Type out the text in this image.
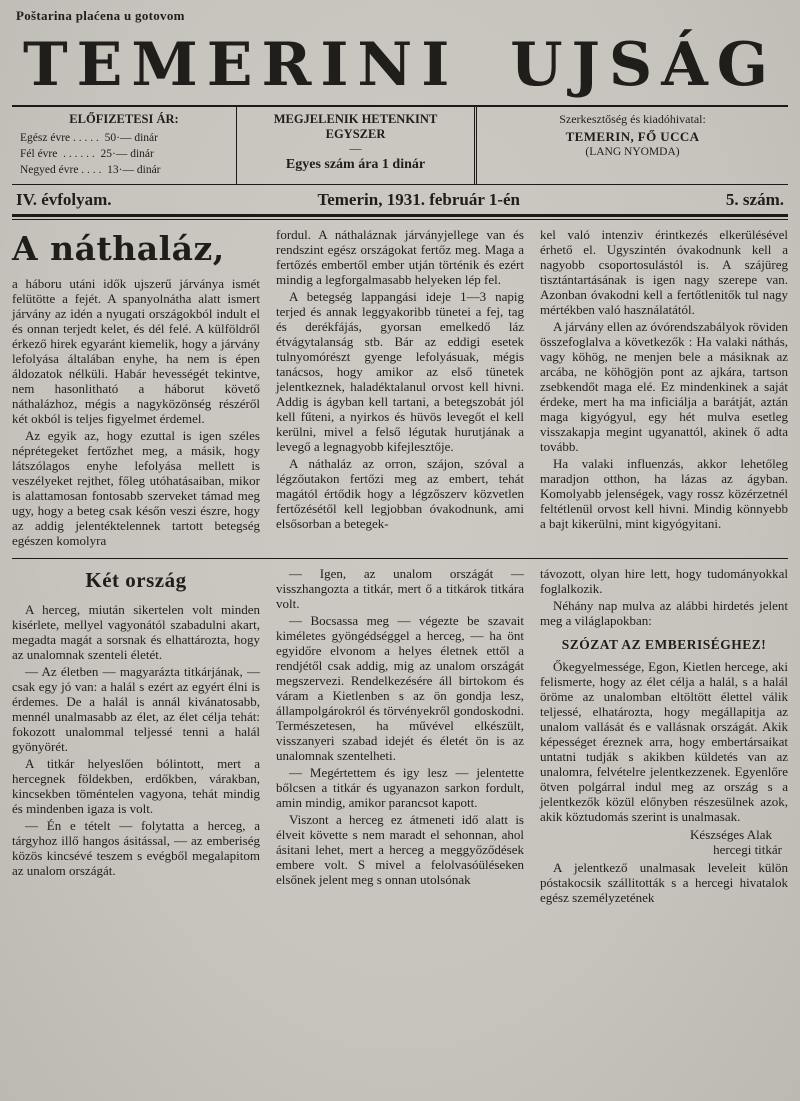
Poštarina plaćena u gotovom
TEMERINI UJSÁG
ELŐFIZETESI ÁR:
Egész évre . . . . .  50·— dinár
Fél évre  . . . . . .  25·— dinár
Negyed évre . . . .  13·— dinár
MEGJELENIK HETENKINT EGYSZER
—
Egyes szám ára 1 dinár
Szerkesztőség és kiadóhivatal:
TEMERIN, FŐ UCCA
(LANG NYOMDA)
IV. évfolyam.	Temerin, 1931. február 1-én	5. szám.
A náthaláz,

a háboru utáni idők ujszerű járványa ismét felütötte a fejét. A spanyolnátha alatt ismert járvány az idén a nyugati országokból indult el és onnan terjedt kelet, és dél felé. A külföldről érkező hirek egyaránt kiemelik, hogy a járvány lefolyása általában enyhe, ha nem is épen áldozatok nélküli. Habár hevességét tekintve, nem hasonlitható a háborut követő náthalázhoz, mégis a nagyközönség részéről két okból is teljes figyelmet érdemel.

Az egyik az, hogy ezuttal is igen széles néprétegeket fertőzhet meg, a másik, hogy látszólagos enyhe lefolyása mellett is veszélyeket rejthet, főleg utóhatásaiban, mikor is alattamosan fontosabb szerveket támad meg ugy, hogy a beteg csak későn veszi észre, hogy az addig jelentéktelennek tartott betegség egészen komolyra

fordul. A náthaláznak járványjellege van és rendszint egész országokat fertőz meg. Maga a fertőzés embertől ember utján történik és ezért mindig a legforgalmasabb helyeken lép fel.

A betegség lappangási ideje 1—3 napig terjed és annak leggyakoribb tünetei a fej, tag és derékfájás, gyorsan emelkedő láz étvágytalanság stb. Bár az eddigi esetek tulnyomórészt gyenge lefolyásuak, mégis tanácsos, hogy amikor az első tünetek jelentkeznek, haladéktalanul orvost kell hivni. Addig is ágyban kell tartani, a betegszobát jól kell fűteni, a nyirkos és hüvös levegőt el kell kerülni, mivel a felső légutak hurutjának a levegő a legnagyobb kifejlesztője.

A náthaláz az orron, szájon, szóval a légzőutakon fertőzi meg az embert, tehát magától értődik hogy a légzőszerv közvetlen fertőzésétől kell legjobban óvakodnunk, ami elsősorban a betegek-

kel való intenziv érintkezés elkerülésével érhető el. Ugyszintén óvakodnunk kell a nagyobb csoportosulástól is. A szájüreg tisztántartásának is igen nagy szerepe van. Azonban óvakodni kell a fertőtlenitők tul nagy mértékben való használatától.

A járvány ellen az óvórendszabályok röviden összefoglalva a következők : Ha valaki náthás, vagy köhög, ne menjen bele a másiknak az arcába, ne köhögjön pont az ajkára, tartson zsebkendőt maga elé. Ez mindenkinek a saját érdeke, mert ha ma inficiálja a barátját, aztán maga kigyógyul, egy hét mulva esetleg visszakapja megint ugyanattól, akinek ő adta tovább.

Ha valaki influenzás, akkor lehetőleg maradjon otthon, ha lázas az ágyban. Komolyabb jelenségek, vagy rossz közérzetnél feltétlenül orvost kell hivni. Mindig könnyebb a bajt kikerülni, mint kigyógyitani.

Két ország

A herceg, miután sikertelen volt minden kisérlete, mellyel vagyonától szabadulni akart, megadta magát a sorsnak és elhattározta, hogy az unalomnak szenteli életét.

— Az életben — magyarázta titkárjának, — csak egy jó van: a halál s ezért az egyért élni is érdemes. De a halál is annál kivánatosabb, mennél unalmasabb az élet, az élet célja tehát: fokozott unalommal teljessé tenni a halál gyönyörét.

A titkár helyeslően bólintott, mert a hercegnek földekben, erdőkben, várakban, kincsekben töméntelen vagyona, tehát mindig és mindenben igaza is volt.

— Én e tételt — folytatta a herceg, a tárgyhoz illő hangos ásitással, — az emberiség közös kincsévé teszem s evégből megalapitom az unalom országát.

— Igen, az unalom országát — visszhangozta a titkár, mert ő a titkárok titkára volt.

— Bocsassa meg — végezte be szavait kiméletes gyöngédséggel a herceg, — ha önt egyidőre elvonom a helyes életnek ettől a rendjétől csak addig, mig az unalom országát megszervezi. Rendelkezésére áll birtokom és váram a Kietlenben s az ön gondja lesz, állampolgárokról és törvényekről gondoskodni. Természetesen, ha művével elkészült, visszanyeri szabad idejét és életét ön is az unalomnak szentelheti.

— Megértettem és igy lesz — jelentette bőlcsen a titkár és ugyanazon sarkon fordult, amin mindig, amikor parancsot kapott.

Viszont a herceg ez átmeneti idő alatt is élveit követte s nem maradt el sehonnan, ahol ásitani lehet, mert a herceg a meggyőződések embere volt. S mivel a felolvasóüléseken elsőnek jelent meg s onnan utolsónak

távozott, olyan hire lett, hogy tudományokkal foglalkozik.

Néhány nap mulva az alábbi hirdetés jelent meg a világlapokban:

SZÓZAT AZ EMBERISÉGHEZ!

Őkegyelmessége, Egon, Kietlen hercege, aki felismerte, hogy az élet célja a halál, s a halál öröme az unalomban eltöltött élettel válik teljessé, elhatározta, hogy megállapitja az unalom vallását és e vallásnak országát. Akik képességet éreznek arra, hogy embertársaikat untatni tudják s akikben küldetés van az unalomra, felvételre jelentkezzenek. Egyenlőre ötven polgárral indul meg az ország s a jelentkezők közül előnyben részesülnek azok, akik köztudomás szerint is unalmasak.

Készséges Alak
hercegi titkár

A jelentkező unalmasak leveleit külön póstakocsik szállitották s a hercegi hivatalok egész személyzetének
